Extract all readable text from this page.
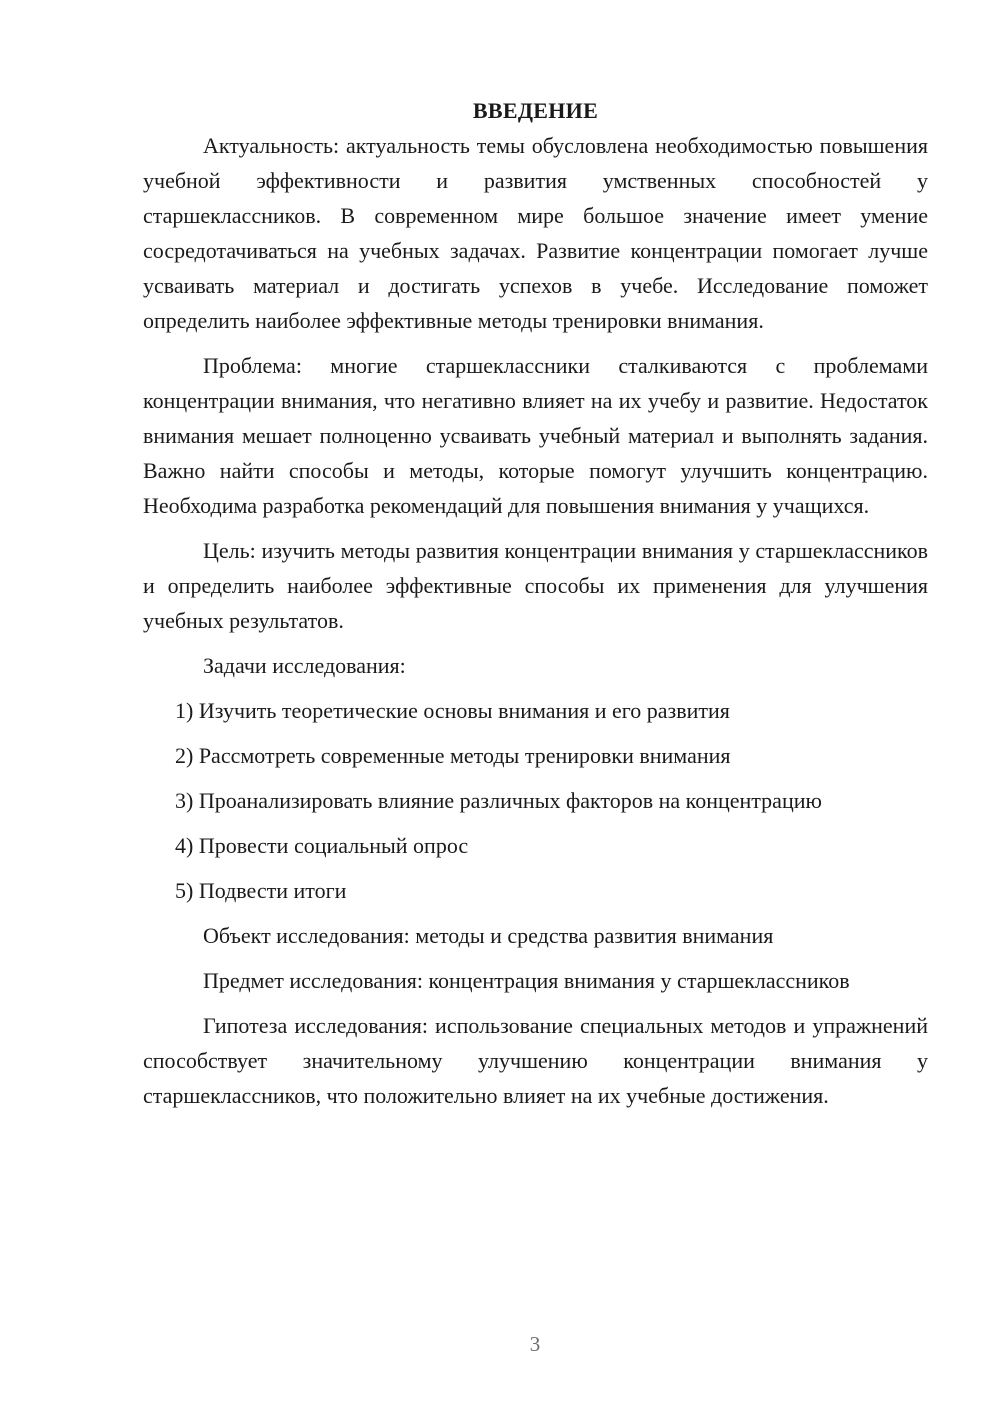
ВВЕДЕНИЕ

Актуальность: актуальность темы обусловлена необходимостью повышения учебной эффективности и развития умственных способностей у старшеклассников. В современном мире большое значение имеет умение сосредотачиваться на учебных задачах. Развитие концентрации помогает лучше усваивать материал и достигать успехов в учебе. Исследование поможет определить наиболее эффективные методы тренировки внимания.

Проблема: многие старшеклассники сталкиваются с проблемами концентрации внимания, что негативно влияет на их учебу и развитие. Недостаток внимания мешает полноценно усваивать учебный материал и выполнять задания. Важно найти способы и методы, которые помогут улучшить концентрацию. Необходима разработка рекомендаций для повышения внимания у учащихся.

Цель: изучить методы развития концентрации внимания у старшеклассников и определить наиболее эффективные способы их применения для улучшения учебных результатов.

Задачи исследования:

1) Изучить теоретические основы внимания и его развития
2) Рассмотреть современные методы тренировки внимания
3) Проанализировать влияние различных факторов на концентрацию
4) Провести социальный опрос
5) Подвести итоги

Объект исследования: методы и средства развития внимания

Предмет исследования: концентрация внимания у старшеклассников

Гипотеза исследования: использование специальных методов и упражнений способствует значительному улучшению концентрации внимания у старшеклассников, что положительно влияет на их учебные достижения.

3
